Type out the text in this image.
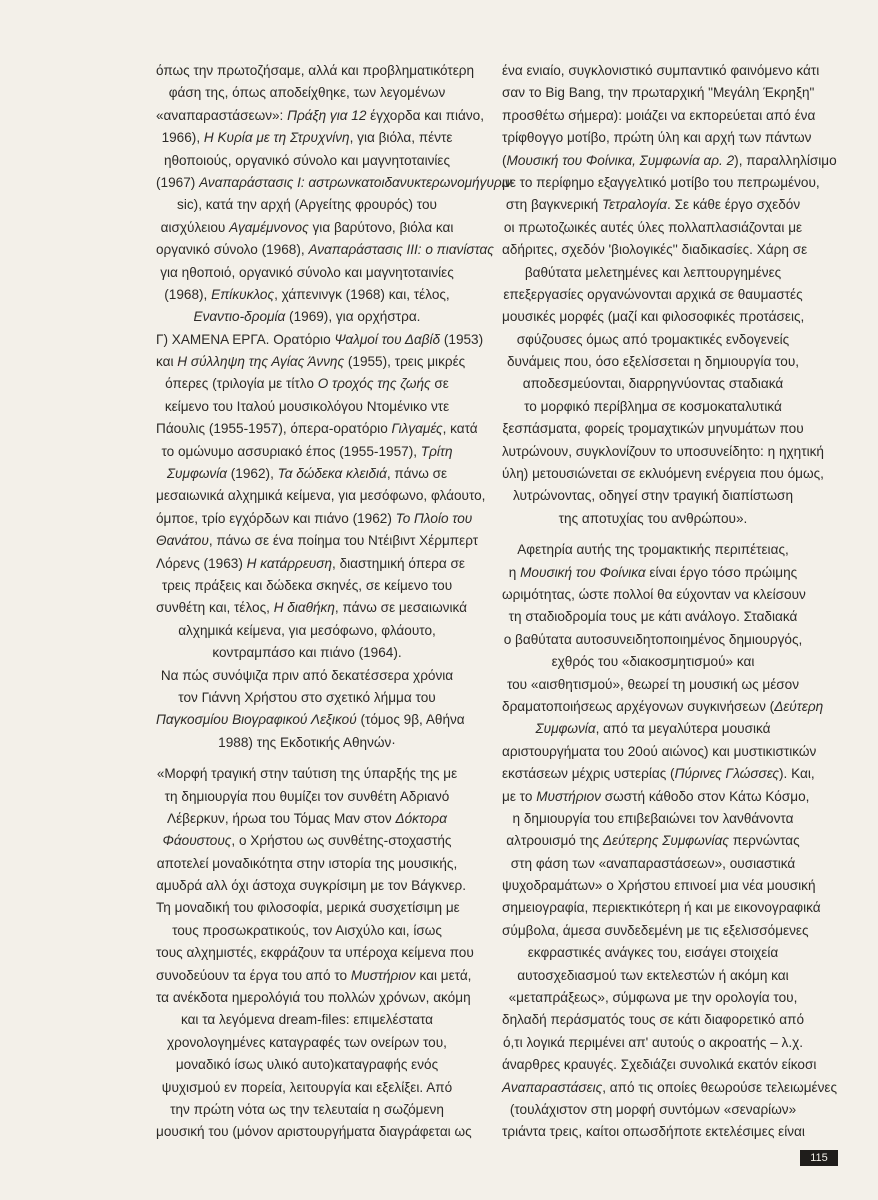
όπως την πρωτοζήσαμε, αλλά και προβληματικότερη
φάση της, όπως αποδείχθηκε, των λεγομένων
«αναπαραστάσεων»: Πράξη για 12 έγχορδα και πιάνο,
1966), Η Κυρία με τη Στρυχνίνη, για βιόλα, πέντε
ηθοποιούς, οργανικό σύνολο και μαγνητοταινίες
(1967) Αναπαράστασις Ι: αστρωνκατοιδανυκτερωνομήγυριν
sic), κατά την αρχή (Αργείτης φρουρός) του
αισχύλειου Αγαμέμνονος για βαρύτονο, βιόλα και
οργανικό σύνολο (1968), Αναπαράστασις ΙΙΙ: ο πιανίστας
για ηθοποιό, οργανικό σύνολο και μαγνητοταινίες
(1968), Επίκυκλος, χάπενινγκ (1968) και, τέλος,
Εναντιο-δρομία (1969), για ορχήστρα.
Γ) ΧΑΜΕΝΑ ΕΡΓΑ. Ορατόριο Ψαλμοί του Δαβίδ (1953)
και Η σύλληψη της Αγίας Άννης (1955), τρεις μικρές
όπερες (τριλογία με τίτλο Ο τροχός της ζωής σε
κείμενο του Ιταλού μουσικολόγου Ντομένικο ντε
Πάουλις (1955-1957), όπερα-ορατόριο Γιλγαμές, κατά
το ομώνυμο ασσυριακό έπος (1955-1957), Τρίτη
Συμφωνία (1962), Τα δώδεκα κλειδιά, πάνω σε
μεσαιωνικά αλχημικά κείμενα, για μεσόφωνο, φλάουτο,
όμποε, τρίο εγχόρδων και πιάνο (1962) Το Πλοίο του
Θανάτου, πάνω σε ένα ποίημα του Ντέιβιντ Χέρμπερτ
Λόρενς (1963) Η κατάρρευση, διαστημική όπερα σε
τρεις πράξεις και δώδεκα σκηνές, σε κείμενο του
συνθέτη και, τέλος, Η διαθήκη, πάνω σε μεσαιωνικά
αλχημικά κείμενα, για μεσόφωνο, φλάουτο,
κοντραμπάσο και πιάνο (1964).
Να πώς συνόψιζα πριν από δεκατέσσερα χρόνια
τον Γιάννη Χρήστου στο σχετικό λήμμα του
Παγκοσμίου Βιογραφικού Λεξικού (τόμος 9β, Αθήνα
1988) της Εκδοτικής Αθηνών·
«Μορφή τραγική στην ταύτιση της ύπαρξής της με
τη δημιουργία που θυμίζει τον συνθέτη Αδριανό
Λέβερκυν, ήρωα του Τόμας Μαν στον Δόκτορα
Φάουστους, ο Χρήστου ως συνθέτης-στοχαστής
αποτελεί μοναδικότητα στην ιστορία της μουσικής,
αμυδρά αλλ όχι άστοχα συγκρίσιμη με τον Βάγκνερ.
Τη μοναδική του φιλοσοφία, μερικά συσχετίσιμη με
τους προσωκρατικούς, τον Αισχύλο και, ίσως
τους αλχημιστές, εκφράζουν τα υπέροχα κείμενα που
συνοδεύουν τα έργα του από το Μυστήριον και μετά,
τα ανέκδοτα ημερολόγιά του πολλών χρόνων, ακόμη
και τα λεγόμενα dream-files: επιμελέστατα
χρονολογημένες καταγραφές των ονείρων του,
μοναδικό ίσως υλικό αυτο)καταγραφής ενός
ψυχισμού εν πορεία, λειτουργία και εξελίξει. Από
την πρώτη νότα ως την τελευταία η σωζόμενη
μουσική του (μόνον αριστουργήματα διαγράφεται ως
ένα ενιαίο, συγκλονιστικό συμπαντικό φαινόμενο κάτι
σαν το Big Bang, την πρωταρχική "Μεγάλη Έκρηξη"
προσθέτω σήμερα): μοιάζει να εκπορεύεται από ένα
τρίφθογγο μοτίβο, πρώτη ύλη και αρχή των πάντων
(Μουσική του Φοίνικα, Συμφωνία αρ. 2), παραλληλίσιμο
με το περίφημο εξαγγελτικό μοτίβο του πεπρωμένου,
στη βαγκνερική Τετραλογία. Σε κάθε έργο σχεδόν
οι πρωτοζωικές αυτές ύλες πολλαπλασιάζονται με
αδήριτες, σχεδόν 'βιολογικές'' διαδικασίες. Χάρη σε
βαθύτατα μελετημένες και λεπτουργημένες
επεξεργασίες οργανώνονται αρχικά σε θαυμαστές
μουσικές μορφές (μαζί και φιλοσοφικές προτάσεις,
σφύζουσες όμως από τρομακτικές ενδογενείς
δυνάμεις που, όσο εξελίσσεται η δημιουργία του,
αποδεσμεύονται, διαρρηγνύοντας σταδιακά
το μορφικό περίβλημα σε κοσμοκαταλυτικά
ξεσπάσματα, φορείς τρομαχτικών μηνυμάτων που
λυτρώνουν, συγκλονίζουν το υποσυνείδητο: η ηχητική
ύλη) μετουσιώνεται σε εκλυόμενη ενέργεια που όμως,
λυτρώνοντας, οδηγεί στην τραγική διαπίστωση
της αποτυχίας του ανθρώπου».
Αφετηρία αυτής της τρομακτικής περιπέτειας,
η Μουσική του Φοίνικα είναι έργο τόσο πρώιμης
ωριμότητας, ώστε πολλοί θα εύχονταν να κλείσουν
τη σταδιοδρομία τους με κάτι ανάλογο. Σταδιακά
ο βαθύτατα αυτοσυνειδητοποιημένος δημιουργός,
εχθρός του «διακοσμητισμού» και
του «αισθητισμού», θεωρεί τη μουσική ως μέσον
δραματοποιήσεως αρχέγονων συγκινήσεων (Δεύτερη
Συμφωνία, από τα μεγαλύτερα μουσικά
αριστουργήματα του 20ού αιώνος) και μυστικιστικών
εκστάσεων μέχρις υστερίας (Πύρινες Γλώσσες). Και,
με το Μυστήριον σωστή κάθοδο στον Κάτω Κόσμο,
η δημιουργία του επιβεβαιώνει τον λανθάνοντα
αλτρουισμό της Δεύτερης Συμφωνίας περνώντας
στη φάση των «αναπαραστάσεων», ουσιαστικά
ψυχοδραμάτων» ο Χρήστου επινοεί μια νέα μουσική
σημειογραφία, περιεκτικότερη ή και με εικονογραφικά
σύμβολα, άμεσα συνδεδεμένη με τις εξελισσόμενες
εκφραστικές ανάγκες του, εισάγει στοιχεία
αυτοσχεδιασμού των εκτελεστών ή ακόμη και
«μεταπράξεως», σύμφωνα με την ορολογία του,
δηλαδή περάσματός τους σε κάτι διαφορετικό από
ό,τι λογικά περιμένει απ' αυτούς ο ακροατής – λ.χ.
άναρθρες κραυγές. Σχεδιάζει συνολικά εκατόν είκοσι
Αναπαραστάσεις, από τις οποίες θεωρούσε τελειωμένες
(τουλάχιστον στη μορφή συντόμων «σεναρίων»
τριάντα τρεις, καίτοι οπωσδήποτε εκτελέσιμες είναι
115
